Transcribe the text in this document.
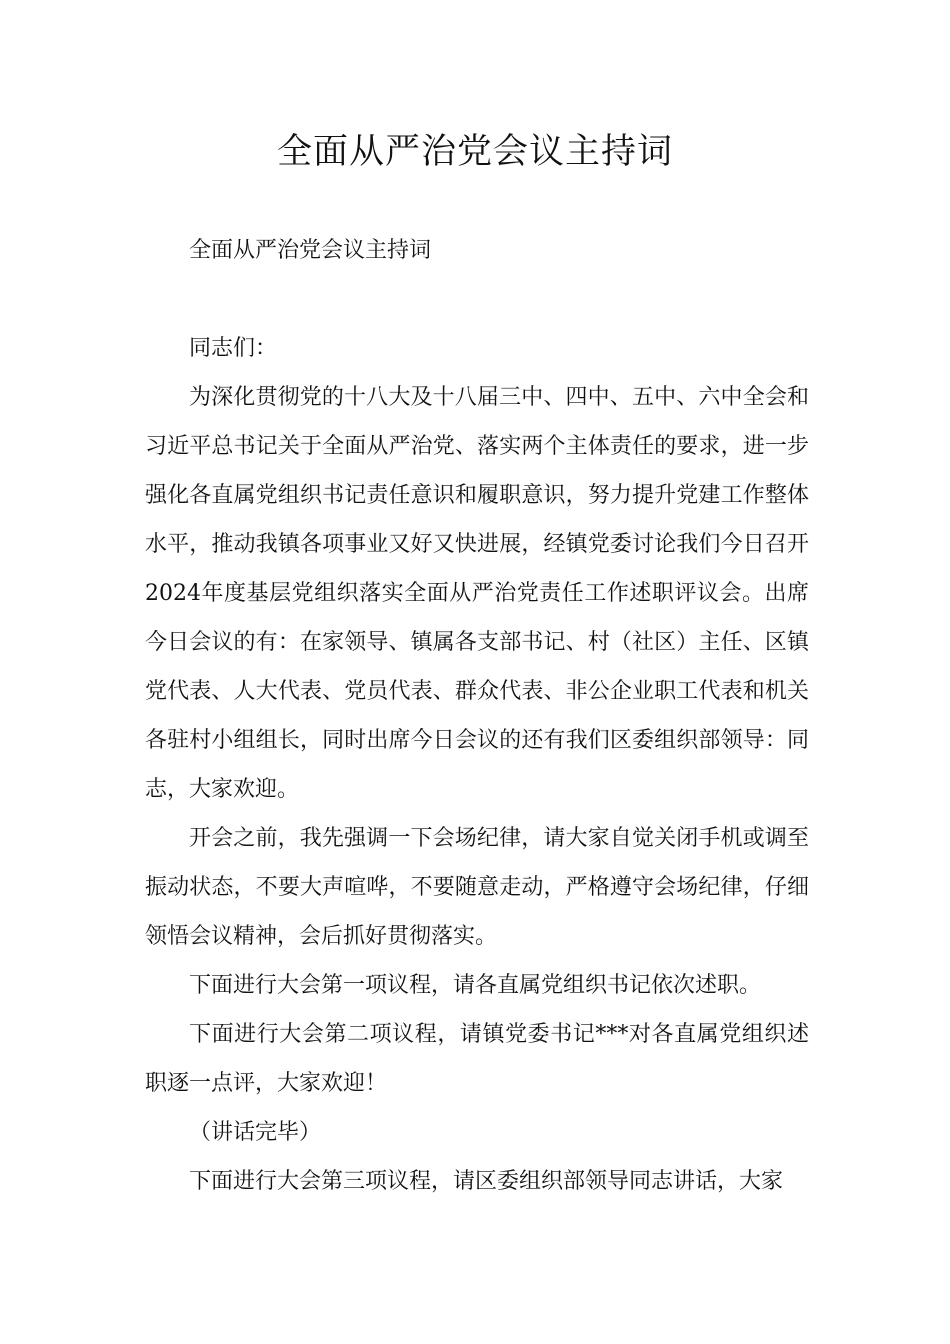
全面从严治党会议主持词

全面从严治党会议主持词

同志们：

为深化贯彻党的十八大及十八届三中、四中、五中、六中全会和习近平总书记关于全面从严治党、落实两个主体责任的要求，进一步强化各直属党组织书记责任意识和履职意识，努力提升党建工作整体水平，推动我镇各项事业又好又快进展，经镇党委讨论我们今日召开2024年度基层党组织落实全面从严治党责任工作述职评议会。出席今日会议的有：在家领导、镇属各支部书记、村（社区）主任、区镇党代表、人大代表、党员代表、群众代表、非公企业职工代表和机关各驻村小组组长，同时出席今日会议的还有我们区委组织部领导：同志，大家欢迎。

开会之前，我先强调一下会场纪律，请大家自觉关闭手机或调至振动状态，不要大声喧哗，不要随意走动，严格遵守会场纪律，仔细领悟会议精神，会后抓好贯彻落实。

下面进行大会第一项议程，请各直属党组织书记依次述职。

下面进行大会第二项议程，请镇党委书记***对各直属党组织述职逐一点评，大家欢迎！

（讲话完毕）

下面进行大会第三项议程，请区委组织部领导同志讲话，大家
